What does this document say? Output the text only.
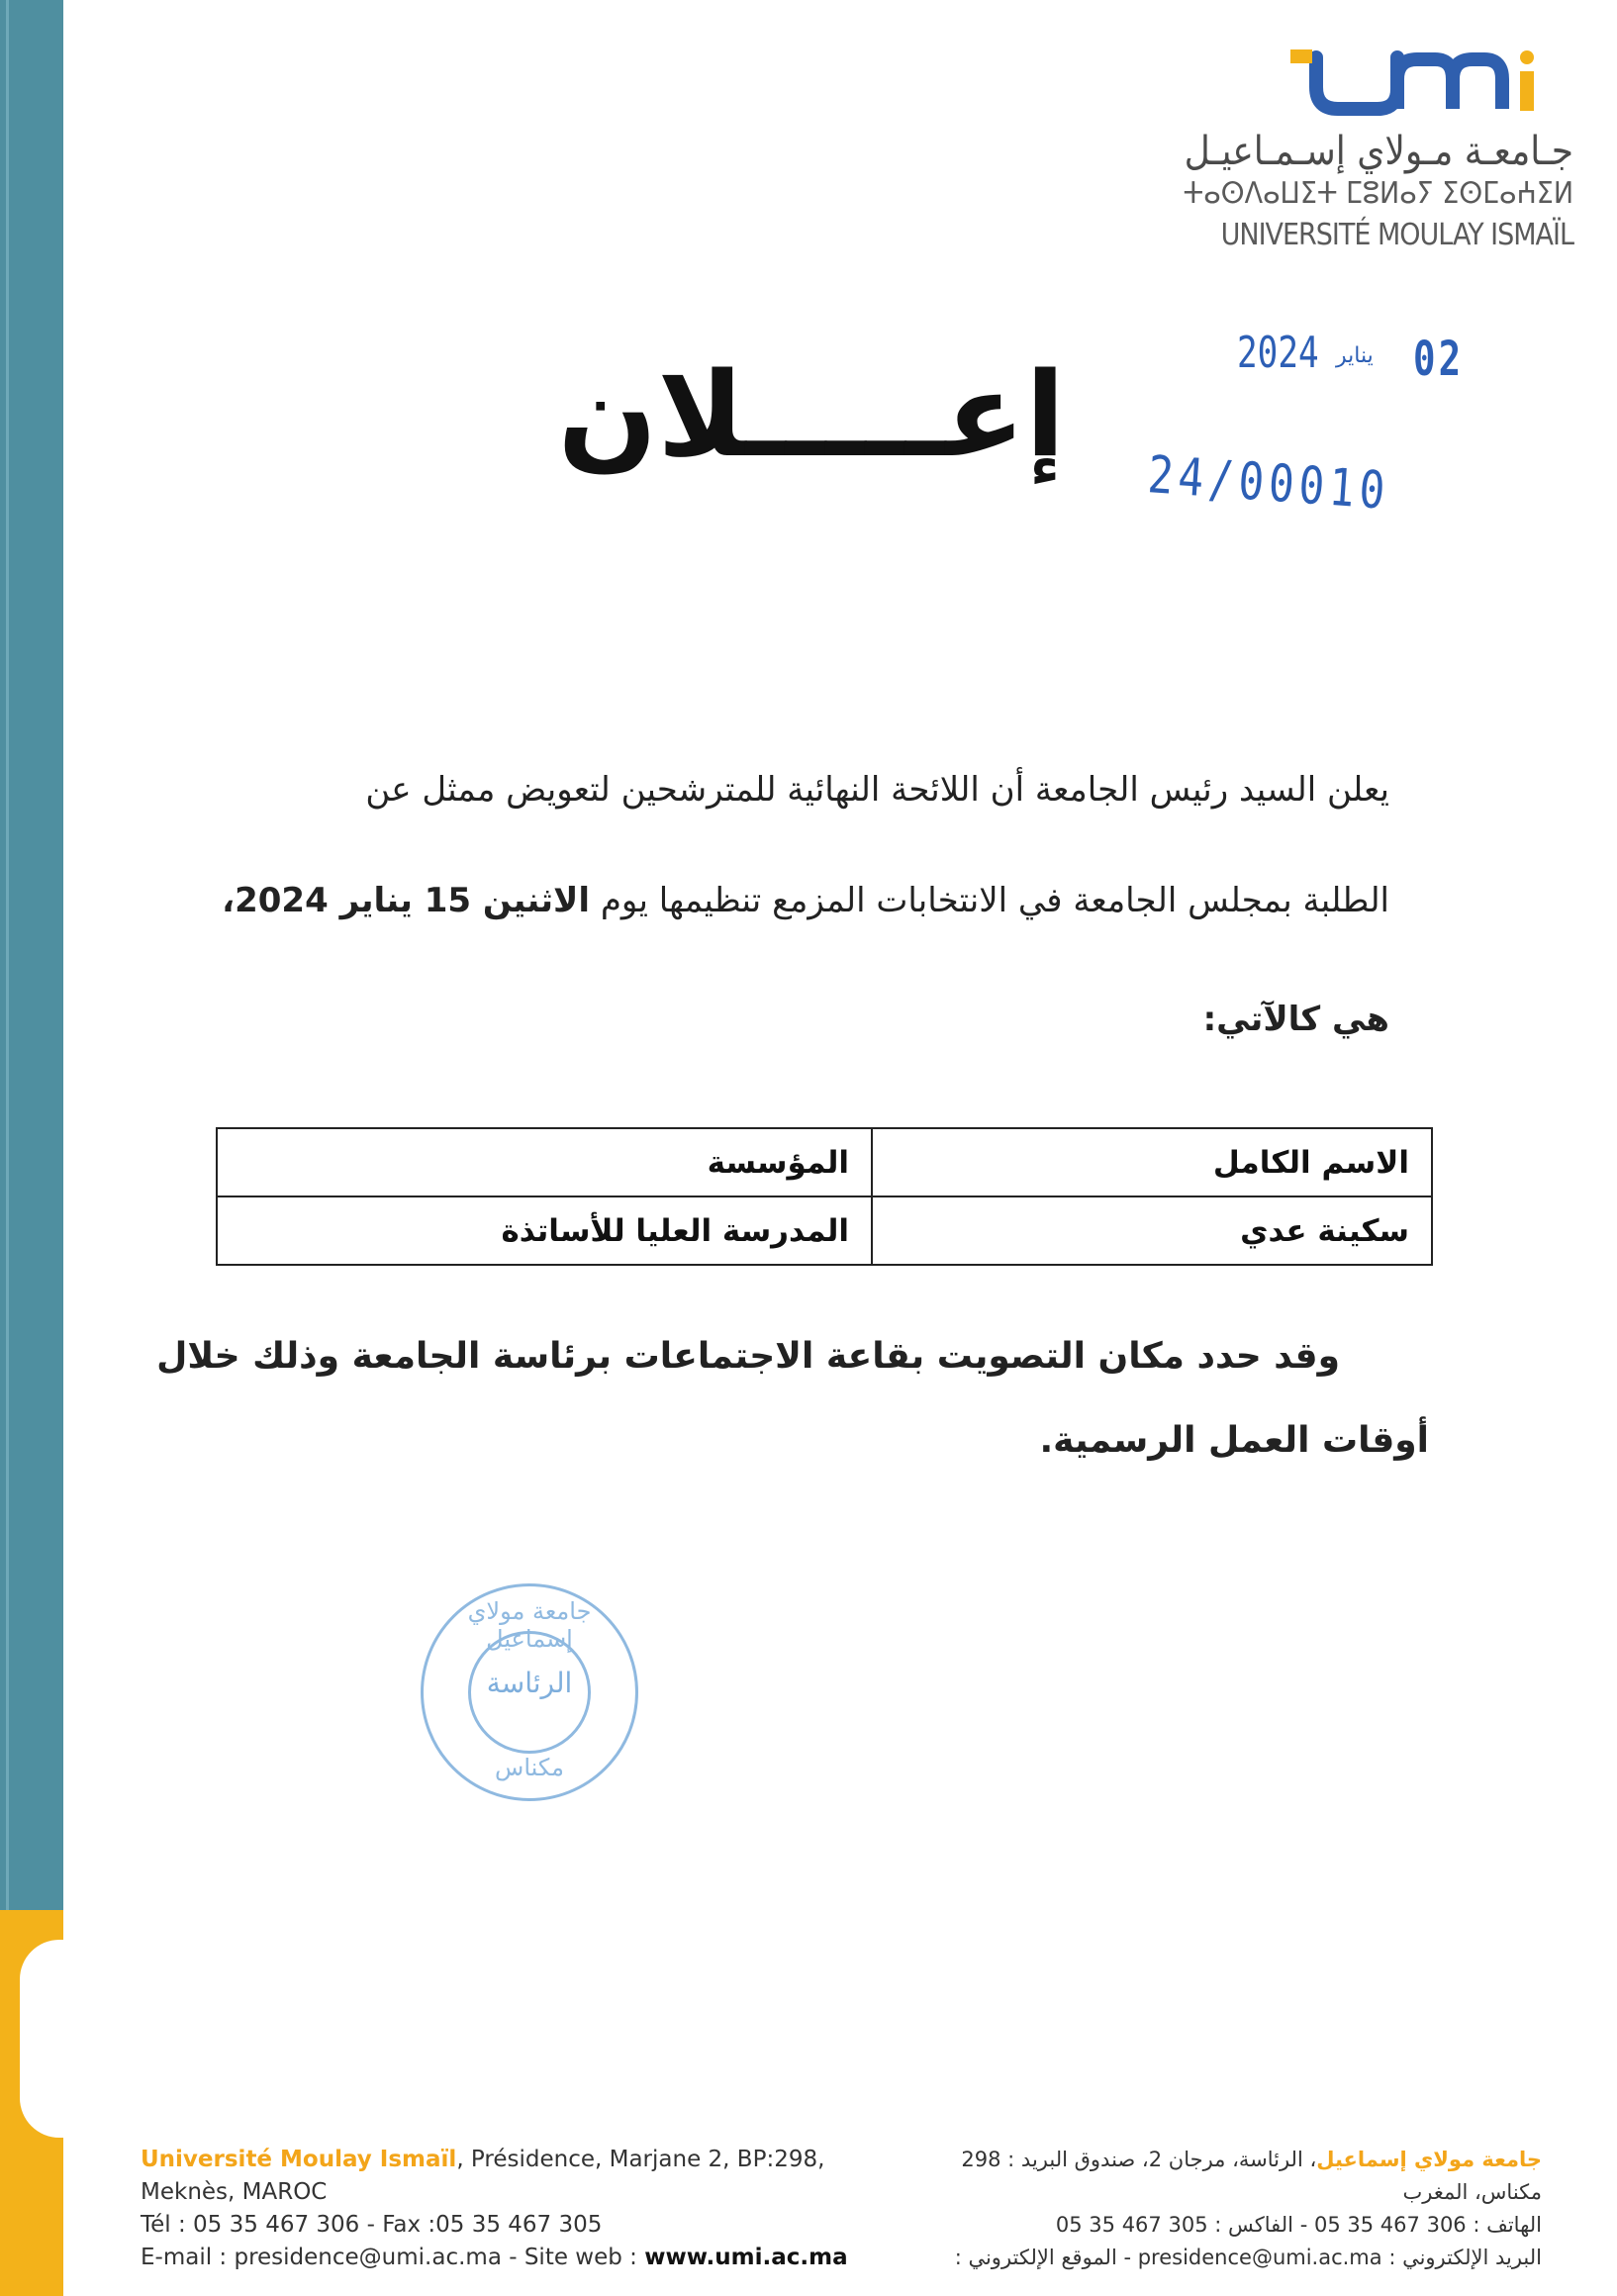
جـامعـة مـولاي إسـمـاعيـل
ⵜⴰⵙⴷⴰⵡⵉⵜ ⵎⵓⵍⴰⵢ ⵉⵙⵎⴰⵄⵉⵍ
UNIVERSITÉ MOULAY ISMAÏL
2024 يناير 02
24/00010
إعـــــلان
يعلن السيد رئيس الجامعة أن اللائحة النهائية للمترشحين لتعويض ممثل عن
الطلبة بمجلس الجامعة في الانتخابات المزمع تنظيمها يوم الاثنين 15 يناير 2024،
هي كالآتي:
الاسم الكامل	المؤسسة
سكينة عدي	المدرسة العليا للأساتذة
وقد حدد مكان التصويت بقاعة الاجتماعات برئاسة الجامعة وذلك خلال
أوقات العمل الرسمية.
جامعة مولاي إسماعيل
الرئاسة
مكناس
Université Moulay Ismaïl, Présidence, Marjane 2, BP:298,
Meknès, MAROC
Tél : 05 35 467 306 - Fax :05 35 467 305
E-mail : presidence@umi.ac.ma - Site web : www.umi.ac.ma
جامعة مولاي إسماعيل، الرئاسة، مرجان 2، صندوق البريد : 298
مكناس، المغرب
الهاتف : 306 467 35 05 - الفاكس : 305 467 35 05
البريد الإلكتروني : presidence@umi.ac.ma - الموقع الإلكتروني :
